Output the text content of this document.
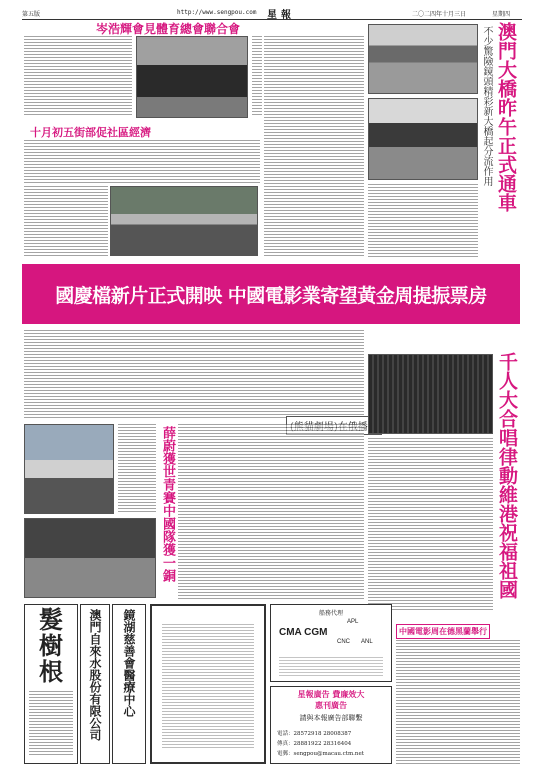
第五版	http://www.sengpou.com 星報	二〇二四年十月三日	星期四
岑浩輝會見體育總會聯合會
十月初五街部促社區經濟	澳門大橋昨午正式通車
不少驚險鏡頭精彩新大橋起分流作用
國慶檔新片正式開映 中國電影業寄望黃金周提振票房
千人大合唱律動維港祝福祖國
薛蔚獲世青賽中國隊獲一銅
髮
樹
根	澳門自來水股份有限公司 鏡湖慈善會醫療中心	船務代理
CMA CGM
APL
CNC ANL
星報廣告 費廉效大
惠刊廣告
請與本報廣告部聯繫
電話：28572918 28008387
傳真：28881922 28316404
電郵：sengpou@macau.ctm.net
中國電影周在德黑蘭舉行
